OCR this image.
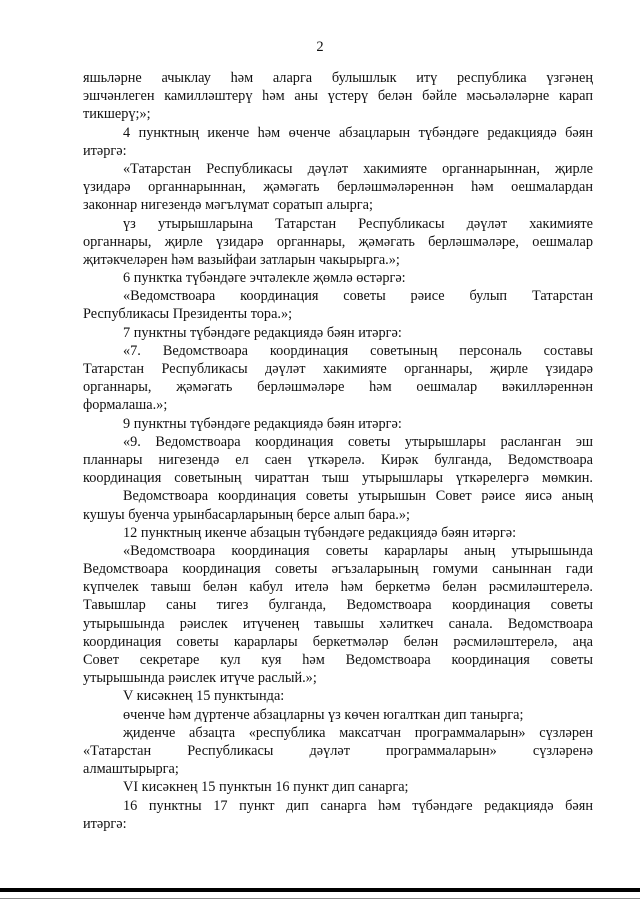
2
яшьләрне ачыклау һәм аларга булышлык итү республика үзгәнең
эшчәнлеген камилләштерү һәм аны үстерү белән бәйле мәсьәләләрне карап
тикшерү;»;
4 пунктның икенче һәм өченче абзацларын түбәндәге редакциядә бәян
итәргә:
«Татарстан Республикасы дәүләт хакимияте органнарыннан, җирле
үзидарә органнарыннан, җәмәгать берләшмәләреннән һәм оешмалардан
законнар нигезендә мәгълүмат соратып алырга;
үз утырышларына Татарстан Республикасы дәүләт хакимияте
органнары, җирле үзидарә органнары, җәмәгать берләшмәләре, оешмалар
җитәкчеләрен һәм вазыйфаи затларын чакырырга.»;
6 пунктка түбәндәге эчтәлекле җөмлә өстәргә:
«Ведомствоара координация советы рәисе булып Татарстан
Республикасы Президенты тора.»;
7 пунктны түбәндәге редакциядә бәян итәргә:
«7. Ведомствоара координация советының персональ составы
Татарстан Республикасы дәүләт хакимияте органнары, җирле үзидарә
органнары, җәмәгать берләшмәләре һәм оешмалар вәкилләреннән
формалаша.»;
9 пунктны түбәндәге редакциядә бәян итәргә:
«9. Ведомствоара координация советы утырышлары расланган эш
планнары нигезендә ел саен үткәрелә. Кирәк булганда, Ведомствоара
координация советының чираттан тыш утырышлары үткәрелергә мөмкин.
Ведомствоара координация советы утырышын Совет рәисе яисә аның
кушуы буенча урынбасарларының берсе алып бара.»;
12 пунктның икенче абзацын түбәндәге редакциядә бәян итәргә:
«Ведомствоара координация советы карарлары аның утырышында
Ведомствоара координация советы әгъзаларының гомуми саныннан гади
күпчелек тавыш белән кабул ителә һәм беркетмә белән рәсмиләштерелә.
Тавышлар саны тигез булганда, Ведомствоара координация советы
утырышында рәислек итүченең тавышы хәлиткеч санала. Ведомствоара
координация советы карарлары беркетмәләр белән рәсмиләштерелә, аңа
Совет секретаре кул куя һәм Ведомствоара координация советы
утырышында рәислек итүче раслый.»;
V кисәкнең 15 пунктында:
өченче һәм дүртенче абзацларны үз көчен югалткан дип танырга;
җиденче абзацта «республика максатчан программаларын» сүзләрен
«Татарстан Республикасы дәүләт программаларын» сүзләренә
алмаштырырга;
VI кисәкнең 15 пунктын 16 пункт дип санарга;
16 пунктны 17 пункт дип санарга һәм түбәндәге редакциядә бәян
итәргә:
